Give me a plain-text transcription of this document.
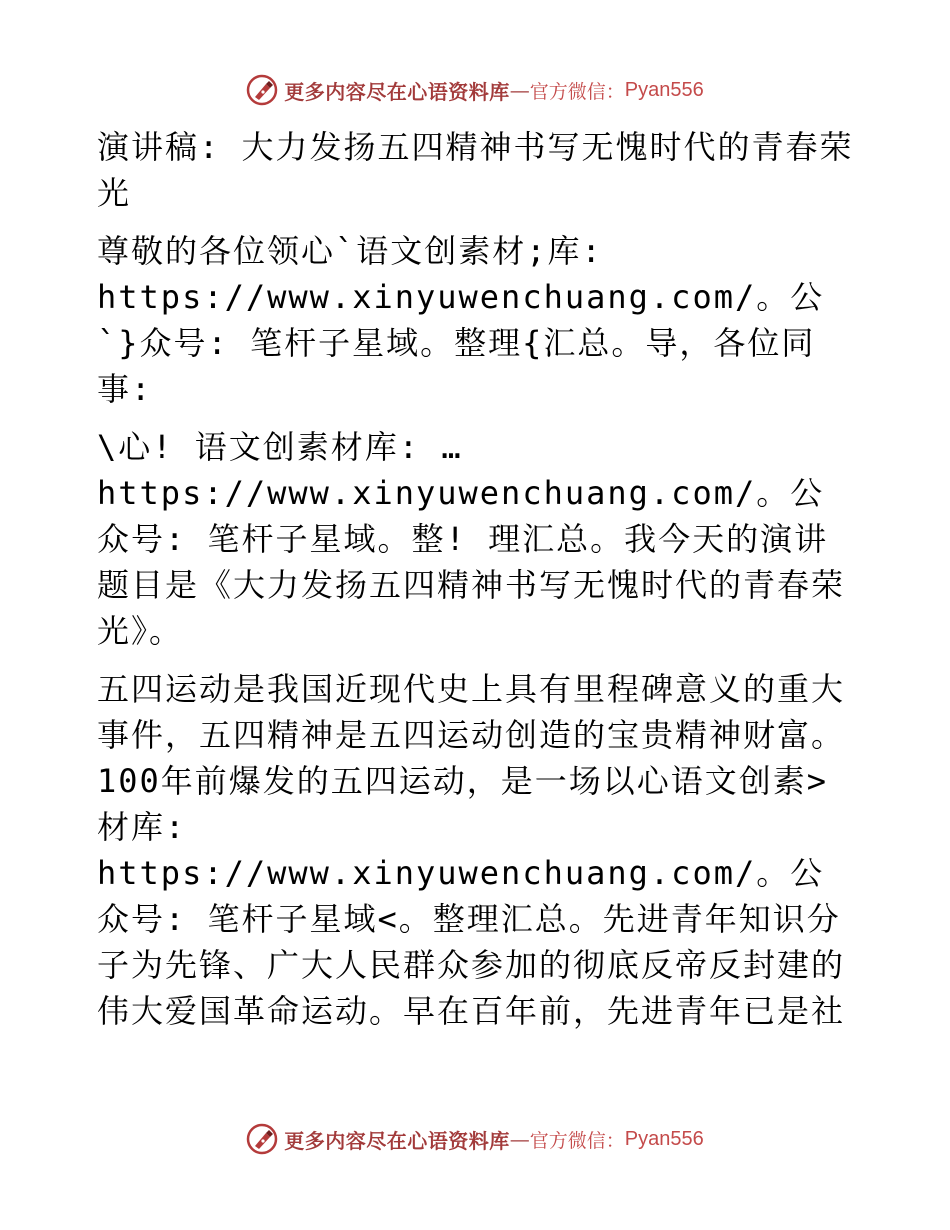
更多内容尽在心语资料库 — 官方微信： Pyan556

演讲稿: 大力发扬五四精神书写无愧时代的青春荣光

尊敬的各位领心`语文创素材;库: https://www.xinyuwenchuang.com/。公`}众号: 笔杆子星域。整理{汇总。导，各位同事:

\心! 语文创素材库: …https://www.xinyuwenchuang.com/。公众号: 笔杆子星域。整! 理汇总。我今天的演讲题目是《大力发扬五四精神书写无愧时代的青春荣光》。

五四运动是我国近现代史上具有里程碑意义的重大事件，五四精神是五四运动创造的宝贵精神财富。100年前爆发的五四运动，是一场以心语文创素>材库: https://www.xinyuwenchuang.com/。公众号: 笔杆子星域<。整理汇总。先进青年知识分子为先锋、广大人民群众参加的彻底反帝反封建的伟大爱国革命运动。早在百年前，先进青年已是社

更多内容尽在心语资料库 — 官方微信： Pyan556
